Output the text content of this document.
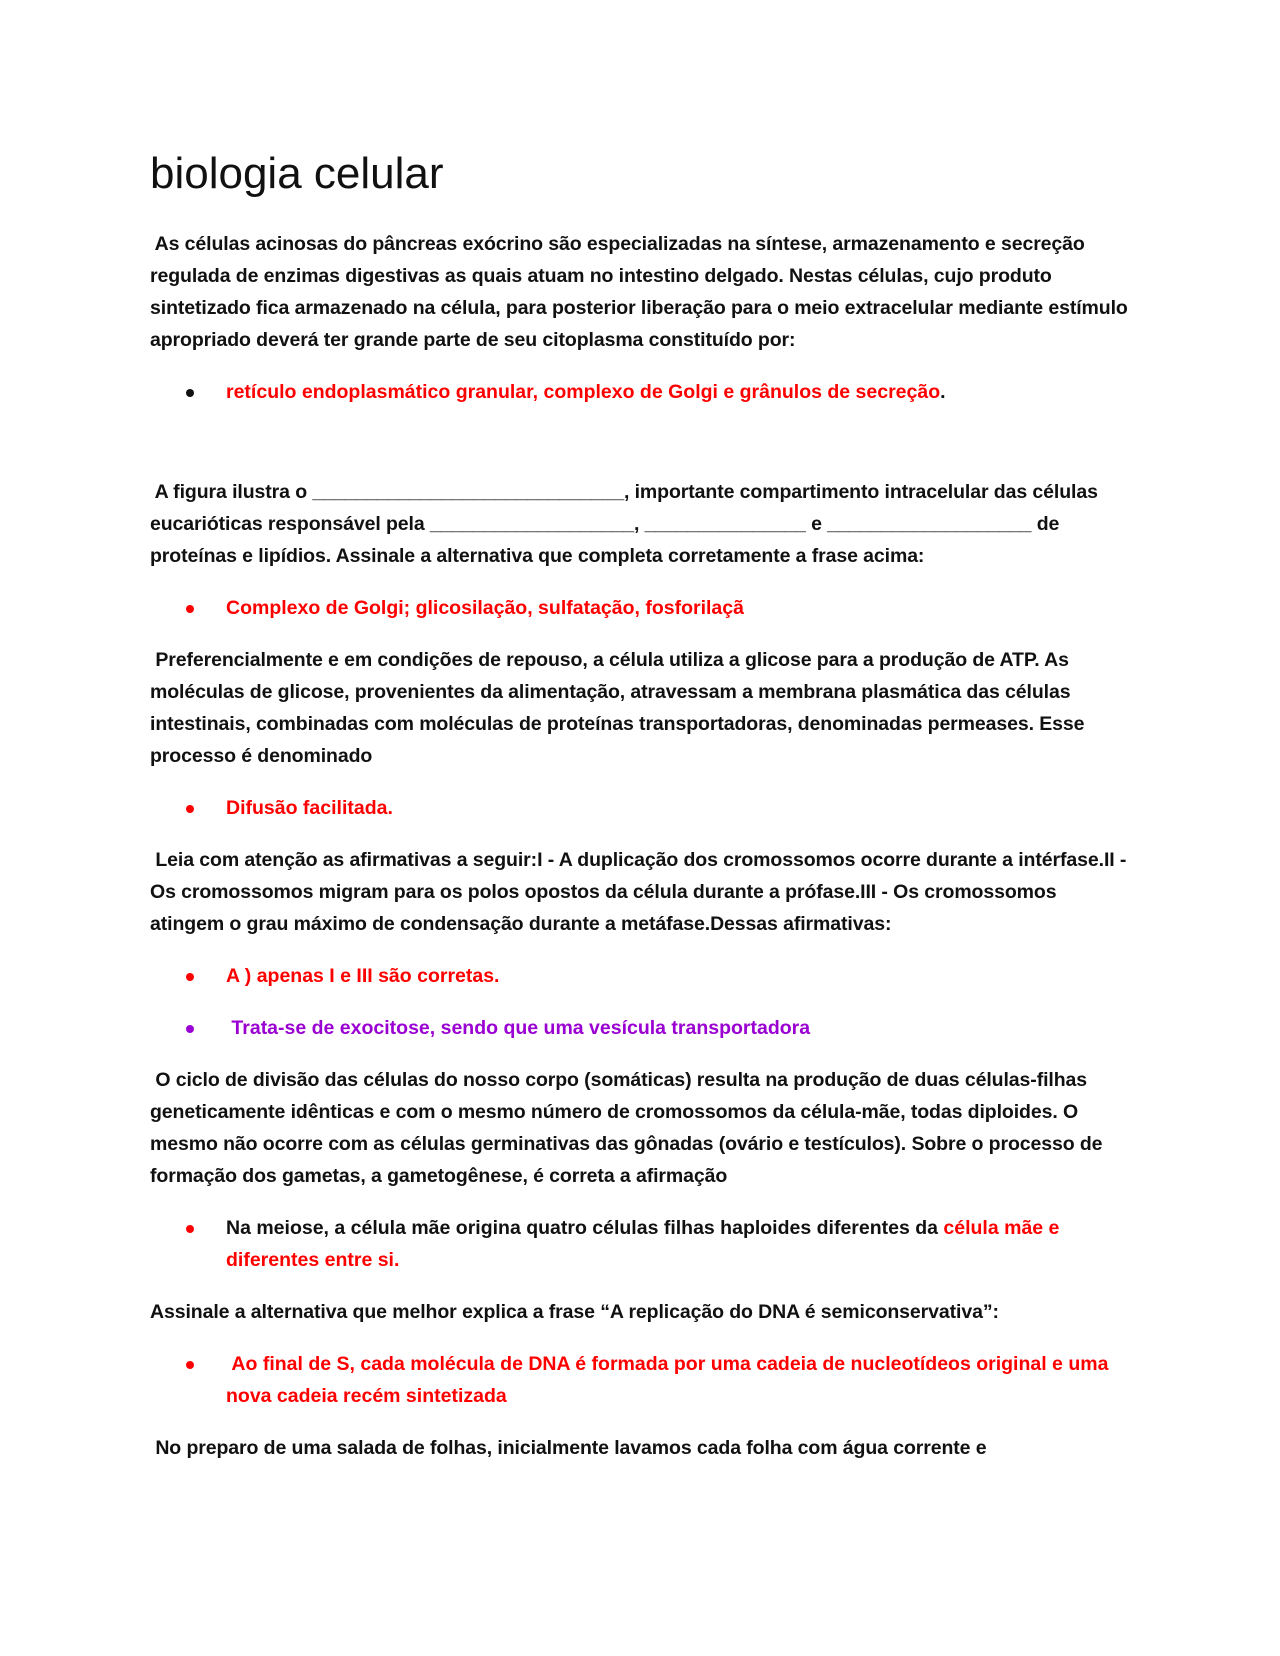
biologia celular

As células acinosas do pâncreas exócrino são especializadas na síntese, armazenamento e secreção regulada de enzimas digestivas as quais atuam no intestino delgado. Nestas células, cujo produto sintetizado fica armazenado na célula, para posterior liberação para o meio extracelular mediante estímulo apropriado deverá ter grande parte de seu citoplasma constituído por:

retículo endoplasmático granular, complexo de Golgi e grânulos de secreção.

A figura ilustra o _____________________________, importante compartimento intracelular das células eucarióticas responsável pela ___________________, _______________ e ___________________ de proteínas e lipídios. Assinale a alternativa que completa corretamente a frase acima:

Complexo de Golgi; glicosilação, sulfatação, fosforilaçã

Preferencialmente e em condições de repouso, a célula utiliza a glicose para a produção de ATP. As moléculas de glicose, provenientes da alimentação, atravessam a membrana plasmática das células intestinais, combinadas com moléculas de proteínas transportadoras, denominadas permeases. Esse processo é denominado

Difusão facilitada.

Leia com atenção as afirmativas a seguir:I - A duplicação dos cromossomos ocorre durante a intérfase.II - Os cromossomos migram para os polos opostos da célula durante a prófase.III - Os cromossomos atingem o grau máximo de condensação durante a metáfase.Dessas afirmativas:

A ) apenas I e III são corretas.
Trata-se de exocitose, sendo que uma vesícula transportadora

O ciclo de divisão das células do nosso corpo (somáticas) resulta na produção de duas células-filhas geneticamente idênticas e com o mesmo número de cromossomos da célula-mãe, todas diploides. O mesmo não ocorre com as células germinativas das gônadas (ovário e testículos). Sobre o processo de formação dos gametas, a gametogênese, é correta a afirmação

Na meiose, a célula mãe origina quatro células filhas haploides diferentes da célula mãe e diferentes entre si.

Assinale a alternativa que melhor explica a frase “A replicação do DNA é semiconservativa”:

Ao final de S, cada molécula de DNA é formada por uma cadeia de nucleotídeos original e uma nova cadeia recém sintetizada

No preparo de uma salada de folhas, inicialmente lavamos cada folha com água corrente e
